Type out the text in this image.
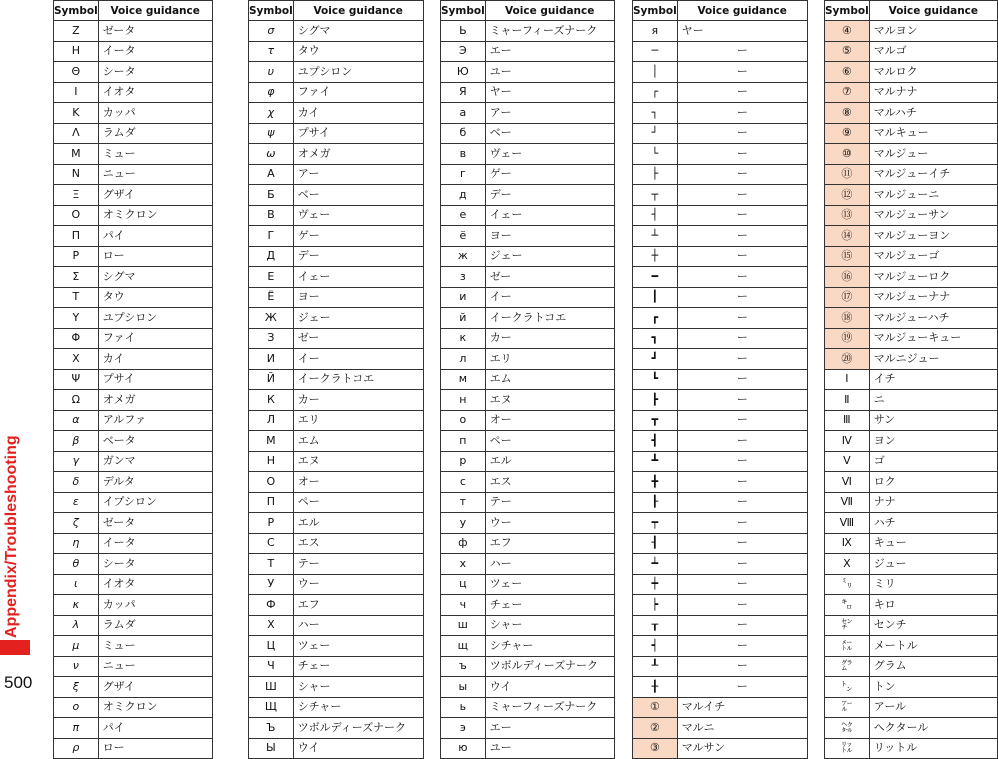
Appendix/Troubleshooting
500
Symbol	Voice guidance
Ζ	ゼータ
Η	イータ
Θ	シータ
Ι	イオタ
Κ	カッパ
Λ	ラムダ
Μ	ミュー
Ν	ニュー
Ξ	グザイ
Ο	オミクロン
Π	パイ
Ρ	ロー
Σ	シグマ
Τ	タウ
Υ	ユプシロン
Φ	ファイ
Χ	カイ
Ψ	プサイ
Ω	オメガ
α	アルファ
β	ベータ
γ	ガンマ
δ	デルタ
ε	イプシロン
ζ	ゼータ
η	イータ
θ	シータ
ι	イオタ
κ	カッパ
λ	ラムダ
μ	ミュー
ν	ニュー
ξ	グザイ
ο	オミクロン
π	パイ
ρ	ロー
Symbol	Voice guidance
σ	シグマ
τ	タウ
υ	ユプシロン
φ	ファイ
χ	カイ
ψ	プサイ
ω	オメガ
А	アー
Б	ベー
В	ヴェー
Г	ゲー
Д	デー
Е	イェー
Ё	ヨー
Ж	ジェー
З	ゼー
И	イー
Й	イークラトコエ
К	カー
Л	エリ
М	エム
Н	エヌ
О	オー
П	ペー
Р	エル
С	エス
Т	テー
У	ウー
Ф	エフ
Х	ハー
Ц	ツェー
Ч	チェー
Ш	シャー
Щ	シチャー
Ъ	ツボルディーズナーク
Ы	ウイ
Symbol	Voice guidance
Ь	ミャーフィーズナーク
Э	エー
Ю	ユー
Я	ヤー
а	アー
б	ベー
в	ヴェー
г	ゲー
д	デー
е	イェー
ё	ヨー
ж	ジェー
з	ゼー
и	イー
й	イークラトコエ
к	カー
л	エリ
м	エム
н	エヌ
о	オー
п	ペー
р	エル
с	エス
т	テー
у	ウー
ф	エフ
х	ハー
ц	ツェー
ч	チェー
ш	シャー
щ	シチャー
ъ	ツボルディーズナーク
ы	ウイ
ь	ミャーフィーズナーク
э	エー
ю	ユー
Symbol	Voice guidance
я	ヤー
─	ー
│	ー
┌	ー
┐	ー
┘	ー
└	ー
├	ー
┬	ー
┤	ー
┴	ー
┼	ー
━	ー
┃	ー
┏	ー
┓	ー
┛	ー
┗	ー
┣	ー
┳	ー
┫	ー
┻	ー
╋	ー
┠	ー
┯	ー
┨	ー
┷	ー
┿	ー
┝	ー
┰	ー
┥	ー
┸	ー
╂	ー
①	マルイチ
②	マルニ
③	マルサン
Symbol	Voice guidance
④	マルヨン
⑤	マルゴ
⑥	マルロク
⑦	マルナナ
⑧	マルハチ
⑨	マルキュー
⑩	マルジュー
⑪	マルジューイチ
⑫	マルジューニ
⑬	マルジューサン
⑭	マルジューヨン
⑮	マルジューゴ
⑯	マルジューロク
⑰	マルジューナナ
⑱	マルジューハチ
⑲	マルジューキュー
⑳	マルニジュー
Ⅰ	イチ
Ⅱ	ニ
Ⅲ	サン
Ⅳ	ヨン
Ⅴ	ゴ
Ⅵ	ロク
Ⅶ	ナナ
Ⅷ	ハチ
Ⅸ	キュー
Ⅹ	ジュー
㍉	ミリ
㌔	キロ
㌢	センチ
㍍	メートル
㌘	グラム
㌧	トン
㌃	アール
㌶	ヘクタール
㍑	リットル
